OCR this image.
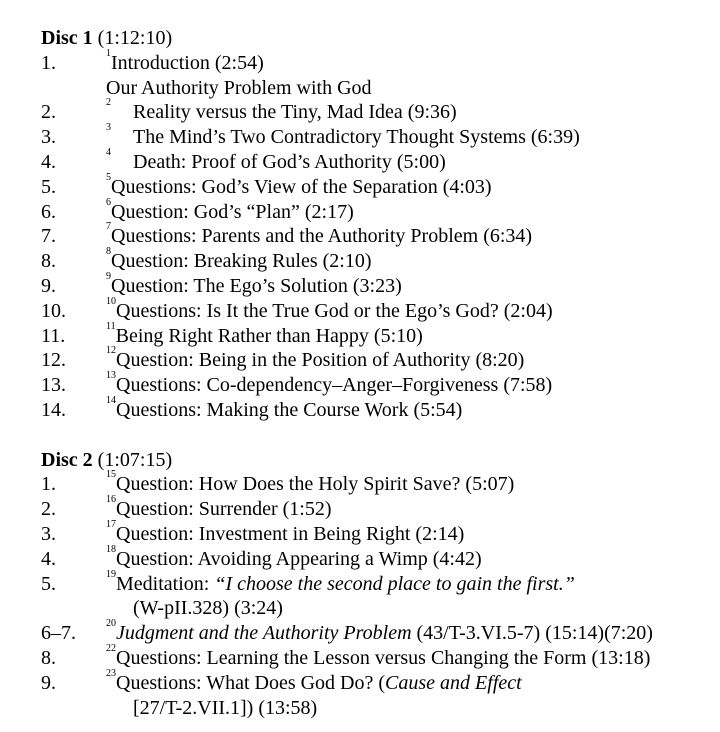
Disc 1 (1:12:10)
1.	$^1$Introduction (2:54)
Our Authority Problem with God
2.	$^2$ Reality versus the Tiny, Mad Idea (9:36)
3.	$^3$ The Mind’s Two Contradictory Thought Systems (6:39)
4.	$^4$ Death: Proof of God’s Authority (5:00)
5.	$^5$Questions: God’s View of the Separation (4:03)
6.	$^6$Question: God’s “Plan” (2:17)
7.	$^7$Questions: Parents and the Authority Problem (6:34)
8.	$^8$Question: Breaking Rules (2:10)
9.	$^9$Question: The Ego’s Solution (3:23)
10.	$^{10}$Questions: Is It the True God or the Ego’s God? (2:04)
11.	$^{11}$Being Right Rather than Happy (5:10)
12.	$^{12}$Question: Being in the Position of Authority (8:20)
13.	$^{13}$Questions: Co-dependency–Anger–Forgiveness (7:58)
14.	$^{14}$Questions: Making the Course Work (5:54)
Disc 2 (1:07:15)
1.	$^{15}$Question: How Does the Holy Spirit Save? (5:07)
2.	$^{16}$Question: Surrender (1:52)
3.	$^{17}$Question: Investment in Being Right (2:14)
4.	$^{18}$Question: Avoiding Appearing a Wimp (4:42)
5.	$^{19}$Meditation: “I choose the second place to gain the first.”
(W-pII.328) (3:24)
6–7.	$^{20}$Judgment and the Authority Problem (43/T-3.VI.5-7) (15:14)(7:20)
8.	$^{22}$Questions: Learning the Lesson versus Changing the Form (13:18)
9.	$^{23}$Questions: What Does God Do? (Cause and Effect
[27/T-2.VII.1]) (13:58)
